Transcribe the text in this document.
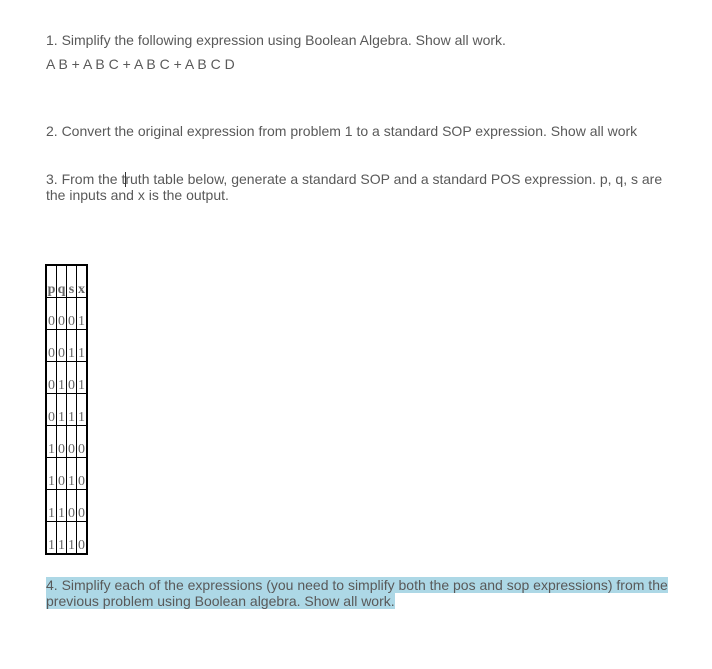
1. Simplify the following expression using Boolean Algebra. Show all work.

A B + A B C + A B C + A B C D

2. Convert the original expression from problem 1 to a standard SOP expression. Show all work

3. From the truth table below, generate a standard SOP and a standard POS expression. p, q, s are the inputs and x is the output.

p	q	s	x
0	0	0	1
0	0	1	1
0	1	0	1
0	1	1	1
1	0	0	0
1	0	1	0
1	1	0	0
1	1	1	0

4. Simplify each of the expressions (you need to simplify both the pos and sop expressions) from the previous problem using Boolean algebra. Show all work.
